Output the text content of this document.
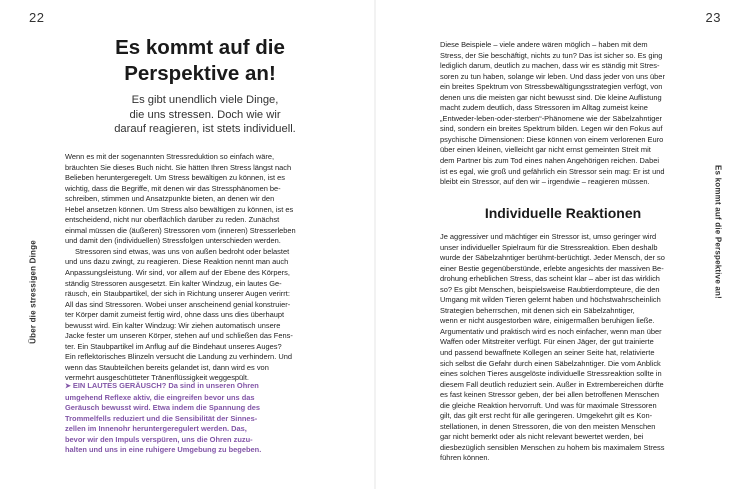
22	23
Über die stressigen Dinge	Es kommt auf die Perspektive an!
Es kommt auf die
Perspektive an!
Es gibt unendlich viele Dinge,
die uns stressen. Doch wie wir
darauf reagieren, ist stets individuell.
Wenn es mit der sogenannten Stressreduktion so einfach wäre,
bräuchten Sie dieses Buch nicht. Sie hätten Ihren Stress längst nach
Belieben heruntergeregelt. Um Stress bewältigen zu können, ist es
wichtig, dass die Begriffe, mit denen wir das Stressphänomen be-
schreiben, stimmen und Ansatzpunkte bieten, an denen wir den
Hebel ansetzen können. Um Stress also bewältigen zu können, ist es
entscheidend, nicht nur oberflächlich darüber zu reden. Zunächst
einmal müssen die (äußeren) Stressoren vom (inneren) Stresserleben
und damit den (individuellen) Stressfolgen unterschieden werden.
Stressoren sind etwas, was uns von außen bedroht oder belastet
und uns dazu zwingt, zu reagieren. Diese Reaktion nennt man auch
Anpassungsleistung. Wir sind, vor allem auf der Ebene des Körpers,
ständig Stressoren ausgesetzt. Ein kalter Windzug, ein lautes Ge-
räusch, ein Staubpartikel, der sich in Richtung unserer Augen verirrt:
All das sind Stressoren. Wobei unser anscheinend genial konstruier-
ter Körper damit zumeist fertig wird, ohne dass uns dies überhaupt
bewusst wird. Ein kalter Windzug: Wir ziehen automatisch unsere
Jacke fester um unseren Körper, stehen auf und schließen das Fens-
ter. Ein Staubpartikel im Anflug auf die Bindehaut unseres Auges?
Ein reflektorisches Blinzeln versucht die Landung zu verhindern. Und
wenn das Staubteilchen bereits gelandet ist, dann wird es von
vermehrt ausgeschütteter Tränenflüssigkeit weggespült.
➤ EIN LAUTES GERÄUSCH? Da sind in unseren Ohren
umgehend Reflexe aktiv, die eingreifen bevor uns das
Geräusch bewusst wird. Etwa indem die Spannung des
Trommelfells reduziert und die Sensibilität der Sinnes-
zellen im Innenohr heruntergeregulert werden. Das,
bevor wir den Impuls verspüren, uns die Ohren zuzu-
halten und uns in eine ruhigere Umgebung zu begeben.
Diese Beispiele – viele andere wären möglich – haben mit dem
Stress, der Sie beschäftigt, nichts zu tun? Das ist sicher so. Es ging
lediglich darum, deutlich zu machen, dass wir es ständig mit Stres-
soren zu tun haben, solange wir leben. Und dass jeder von uns über
ein breites Spektrum von Stressbewältigungsstrategien verfügt, von
denen uns die meisten gar nicht bewusst sind. Die kleine Auflistung
macht zudem deutlich, dass Stressoren im Alltag zumeist keine
„Entweder-leben-oder-sterben“-Phänomene wie der Säbelzahntiger
sind, sondern ein breites Spektrum bilden. Legen wir den Fokus auf
psychische Dimensionen: Diese können von einem verlorenen Euro
über einen kleinen, vielleicht gar nicht ernst gemeinten Streit mit
dem Partner bis zum Tod eines nahen Angehörigen reichen. Dabei
ist es egal, wie groß und gefährlich ein Stressor sein mag: Er ist und
bleibt ein Stressor, auf den wir – irgendwie – reagieren müssen.
Individuelle Reaktionen
Je aggressiver und mächtiger ein Stressor ist, umso geringer wird
unser individueller Spielraum für die Stressreaktion. Eben deshalb
wurde der Säbelzahntiger berühmt-berüchtigt. Jeder Mensch, der so
einer Bestie gegenüberstünde, erlebte angesichts der massiven Be-
drohung erheblichen Stress, das scheint klar – aber ist das wirklich
so? Es gibt Menschen, beispielsweise Raubtierdompteure, die den
Umgang mit wilden Tieren gelernt haben und höchstwahrscheinlich
Strategien beherrschen, mit denen sich ein Säbelzahntiger,
wenn er nicht ausgestorben wäre, einigermaßen beruhigen ließe.
Argumentativ und praktisch wird es noch einfacher, wenn man über
Waffen oder Mitstreiter verfügt. Für einen Jäger, der gut trainierte
und passend bewaffnete Kollegen an seiner Seite hat, relativierte
sich selbst die Gefahr durch einen Säbelzahntiger. Die vom Anblick
eines solchen Tieres ausgelöste individuelle Stressreaktion sollte in
diesem Fall deutlich reduziert sein. Außer in Extrembereichen dürfte
es fast keinen Stressor geben, der bei allen betroffenen Menschen
die gleiche Reaktion hervorruft. Und was für maximale Stressoren
gilt, das gilt erst recht für alle geringeren. Umgekehrt gilt es Kon-
stellationen, in denen Stressoren, die von den meisten Menschen
gar nicht bemerkt oder als nicht relevant bewertet werden, bei
diesbezüglich sensiblen Menschen zu hohem bis maximalem Stress
führen können.
